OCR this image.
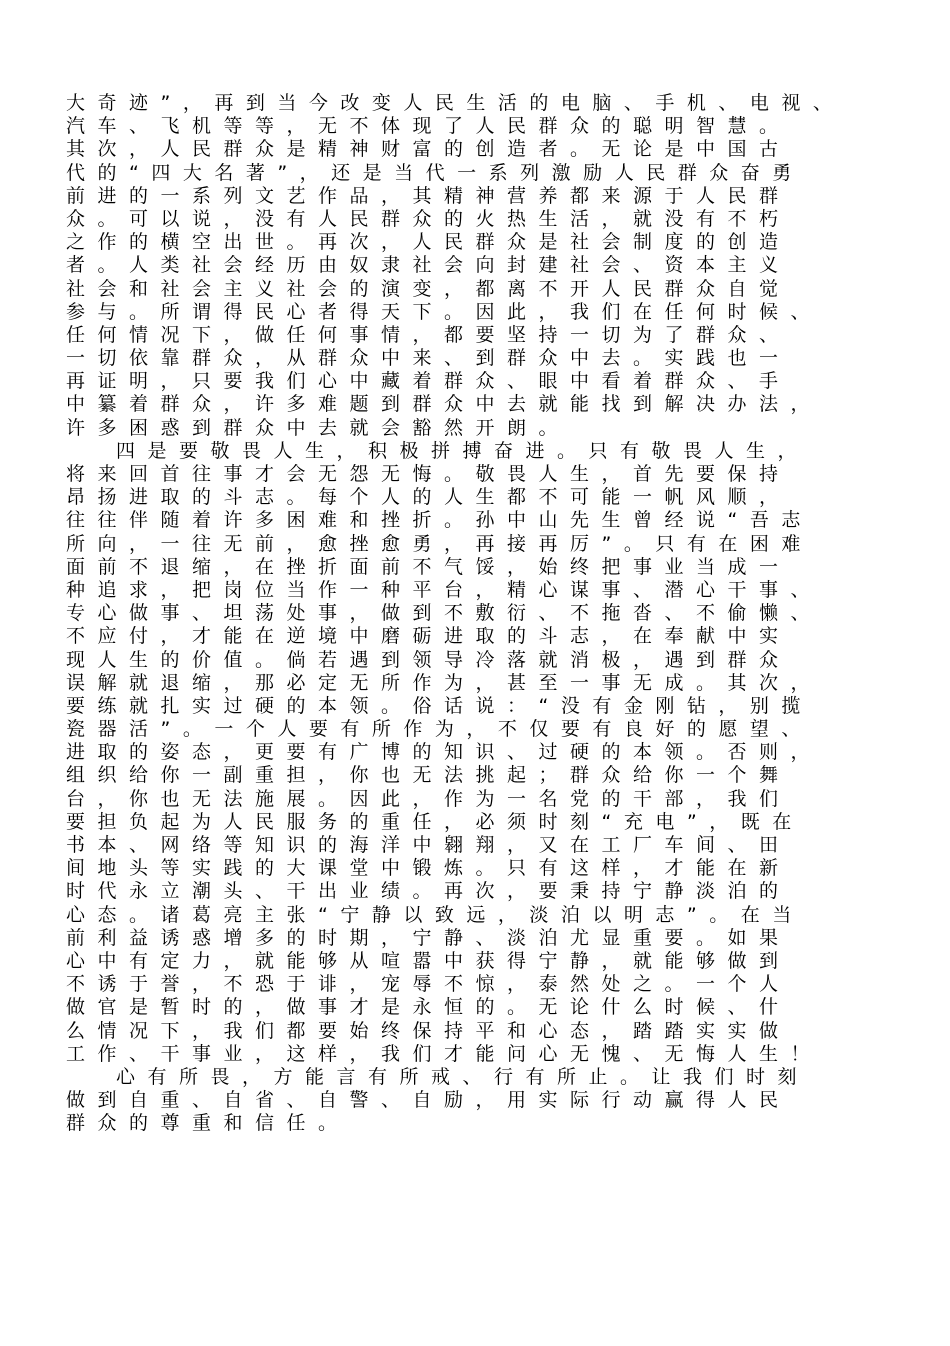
大奇迹”，再到当今改变人民生活的电脑、手机、电视、
汽车、飞机等等，无不体现了人民群众的聪明智慧。
其次，人民群众是精神财富的创造者。无论是中国古
代的“四大名著”，还是当代一系列激励人民群众奋勇
前进的一系列文艺作品，其精神营养都来源于人民群
众。可以说，没有人民群众的火热生活，就没有不朽
之作的横空出世。再次，人民群众是社会制度的创造
者。人类社会经历由奴隶社会向封建社会、资本主义
社会和社会主义社会的演变，都离不开人民群众自觉
参与。所谓得民心者得天下。因此，我们在任何时候、
任何情况下，做任何事情，都要坚持一切为了群众、
一切依靠群众，从群众中来、到群众中去。实践也一
再证明，只要我们心中藏着群众、眼中看着群众、手
中纂着群众，许多难题到群众中去就能找到解决办法，
许多困惑到群众中去就会豁然开朗。
四是要敬畏人生，积极拼搏奋进。只有敬畏人生，
将来回首往事才会无怨无悔。敬畏人生，首先要保持
昂扬进取的斗志。每个人的人生都不可能一帆风顺，
往往伴随着许多困难和挫折。孙中山先生曾经说“吾志
所向，一往无前，愈挫愈勇，再接再厉”。只有在困难
面前不退缩，在挫折面前不气馁，始终把事业当成一
种追求，把岗位当作一种平台，精心谋事、潜心干事、
专心做事、坦荡处事，做到不敷衍、不拖沓、不偷懒、
不应付，才能在逆境中磨砺进取的斗志，在奉献中实
现人生的价值。倘若遇到领导冷落就消极，遇到群众
误解就退缩，那必定无所作为，甚至一事无成。其次，
要练就扎实过硬的本领。俗话说：“没有金刚钻，别揽
瓷器活”。一个人要有所作为，不仅要有良好的愿望、
进取的姿态，更要有广博的知识、过硬的本领。否则，
组织给你一副重担，你也无法挑起；群众给你一个舞
台，你也无法施展。因此，作为一名党的干部，我们
要担负起为人民服务的重任，必须时刻“充电”，既在
书本、网络等知识的海洋中翱翔，又在工厂车间、田
间地头等实践的大课堂中锻炼。只有这样，才能在新
时代永立潮头、干出业绩。再次，要秉持宁静淡泊的
心态。诸葛亮主张“宁静以致远，淡泊以明志”。在当
前利益诱惑增多的时期，宁静、淡泊尤显重要。如果
心中有定力，就能够从喧嚣中获得宁静，就能够做到
不诱于誉，不恐于诽，宠辱不惊，泰然处之。一个人
做官是暂时的，做事才是永恒的。无论什么时候、什
么情况下，我们都要始终保持平和心态，踏踏实实做
工作、干事业，这样，我们才能问心无愧、无悔人生！
心有所畏，方能言有所戒、行有所止。让我们时刻
做到自重、自省、自警、自励，用实际行动赢得人民
群众的尊重和信任。
